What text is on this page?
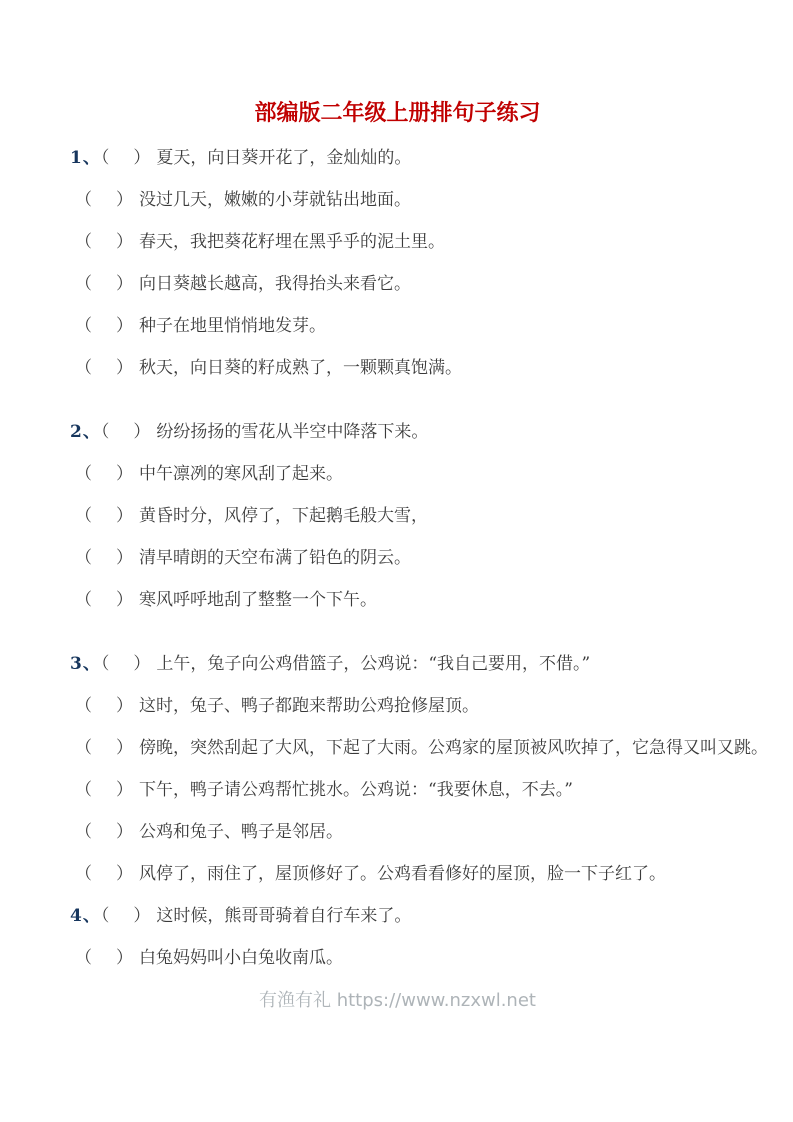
部编版二年级上册排句子练习
1、（ ） 夏天，向日葵开花了，金灿灿的。
（ ） 没过几天，嫩嫩的小芽就钻出地面。
（ ） 春天，我把葵花籽埋在黑乎乎的泥土里。
（ ） 向日葵越长越高，我得抬头来看它。
（ ） 种子在地里悄悄地发芽。
（ ） 秋天，向日葵的籽成熟了，一颗颗真饱满。
2、（ ） 纷纷扬扬的雪花从半空中降落下来。
（ ） 中午凛冽的寒风刮了起来。
（ ） 黄昏时分，风停了，下起鹅毛般大雪，
（ ） 清早晴朗的天空布满了铅色的阴云。
（ ） 寒风呼呼地刮了整整一个下午。
3、（ ） 上午，兔子向公鸡借篮子，公鸡说：“我自己要用，不借。”
（ ） 这时，兔子、鸭子都跑来帮助公鸡抢修屋顶。
（ ） 傍晚，突然刮起了大风，下起了大雨。公鸡家的屋顶被风吹掉了，它急得又叫又跳。
（ ） 下午，鸭子请公鸡帮忙挑水。公鸡说：“我要休息，不去。”
（ ） 公鸡和兔子、鸭子是邻居。
（ ） 风停了，雨住了，屋顶修好了。公鸡看看修好的屋顶，脸一下子红了。
4、（ ） 这时候，熊哥哥骑着自行车来了。
（ ） 白兔妈妈叫小白兔收南瓜。
有渔有礼 https://www.nzxwl.net
